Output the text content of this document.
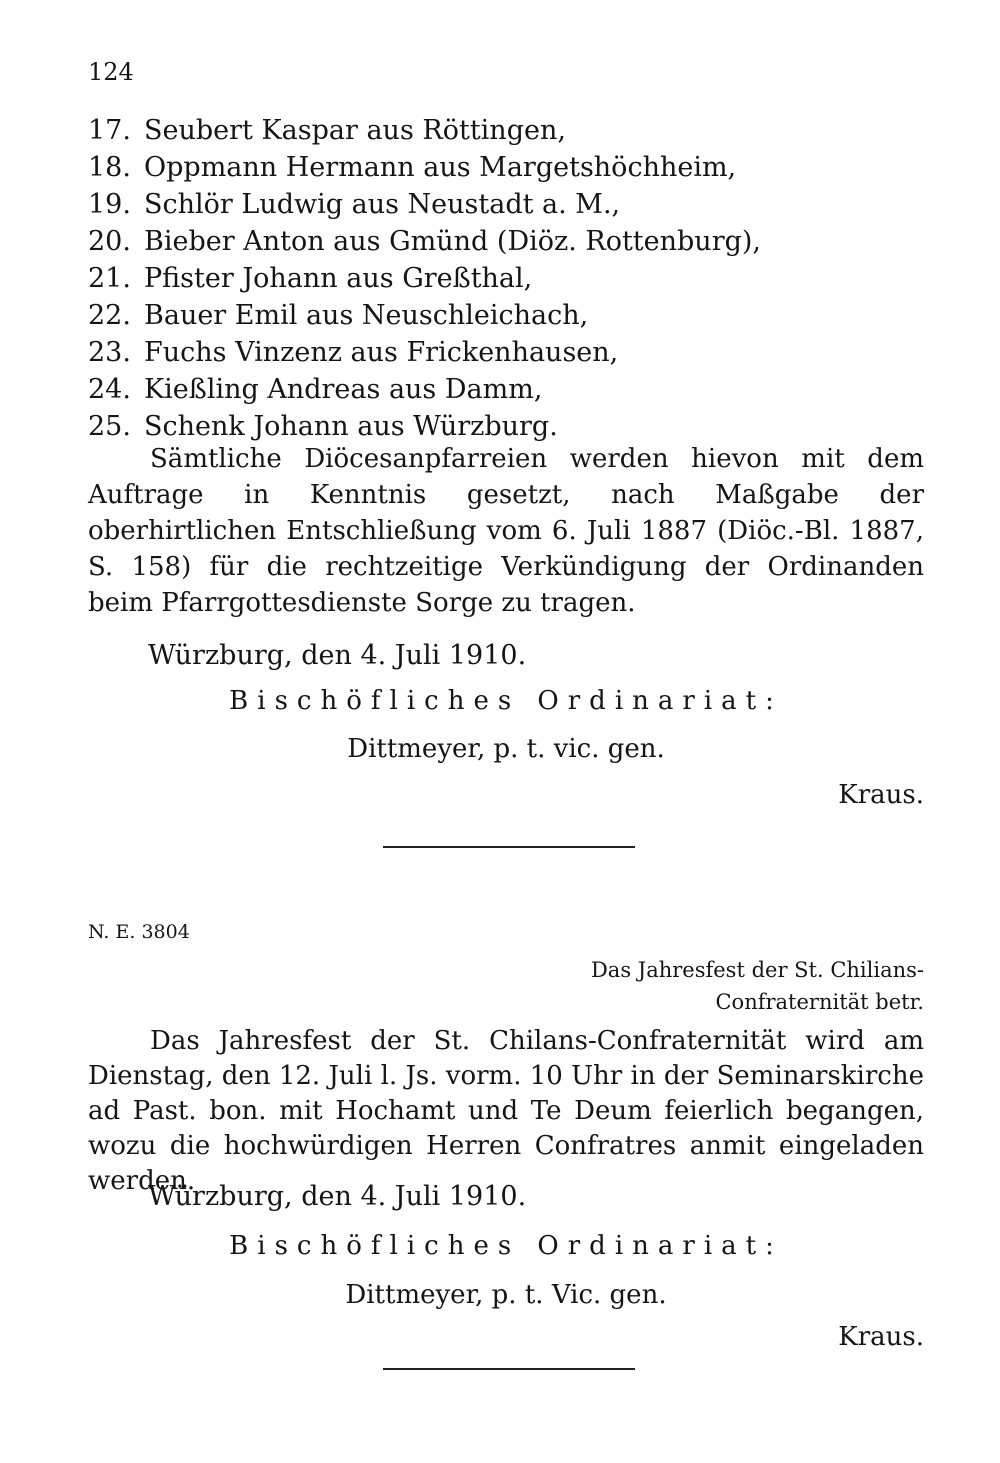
124
17. Seubert Kaspar aus Röttingen,
18. Oppmann Hermann aus Margetshöchheim,
19. Schlör Ludwig aus Neustadt a. M.,
20. Bieber Anton aus Gmünd (Diöz. Rottenburg),
21. Pfister Johann aus Greßthal,
22. Bauer Emil aus Neuschleichach,
23. Fuchs Vinzenz aus Frickenhausen,
24. Kießling Andreas aus Damm,
25. Schenk Johann aus Würzburg.

Sämtliche Diöcesanpfarreien werden hievon mit dem Auftrage in Kenntnis gesetzt, nach Maßgabe der oberhirtlichen Entschließung vom 6. Juli 1887 (Diöc.-Bl. 1887, S. 158) für die rechtzeitige Verkündigung der Ordinanden beim Pfarrgottesdienste Sorge zu tragen.

Würzburg, den 4. Juli 1910.
Bischöfliches Ordinariat:
Dittmeyer, p. t. vic. gen.
Kraus.
N. E. 3804
Das Jahresfest der St. Chilians-
Confraternität betr.

Das Jahresfest der St. Chilans-Confraternität wird am Dienstag, den 12. Juli l. Js. vorm. 10 Uhr in der Seminarskirche ad Past. bon. mit Hochamt und Te Deum feierlich begangen, wozu die hochwürdigen Herren Confratres anmit eingeladen werden.

Würzburg, den 4. Juli 1910.
Bischöfliches Ordinariat:
Dittmeyer, p. t. Vic. gen.
Kraus.
